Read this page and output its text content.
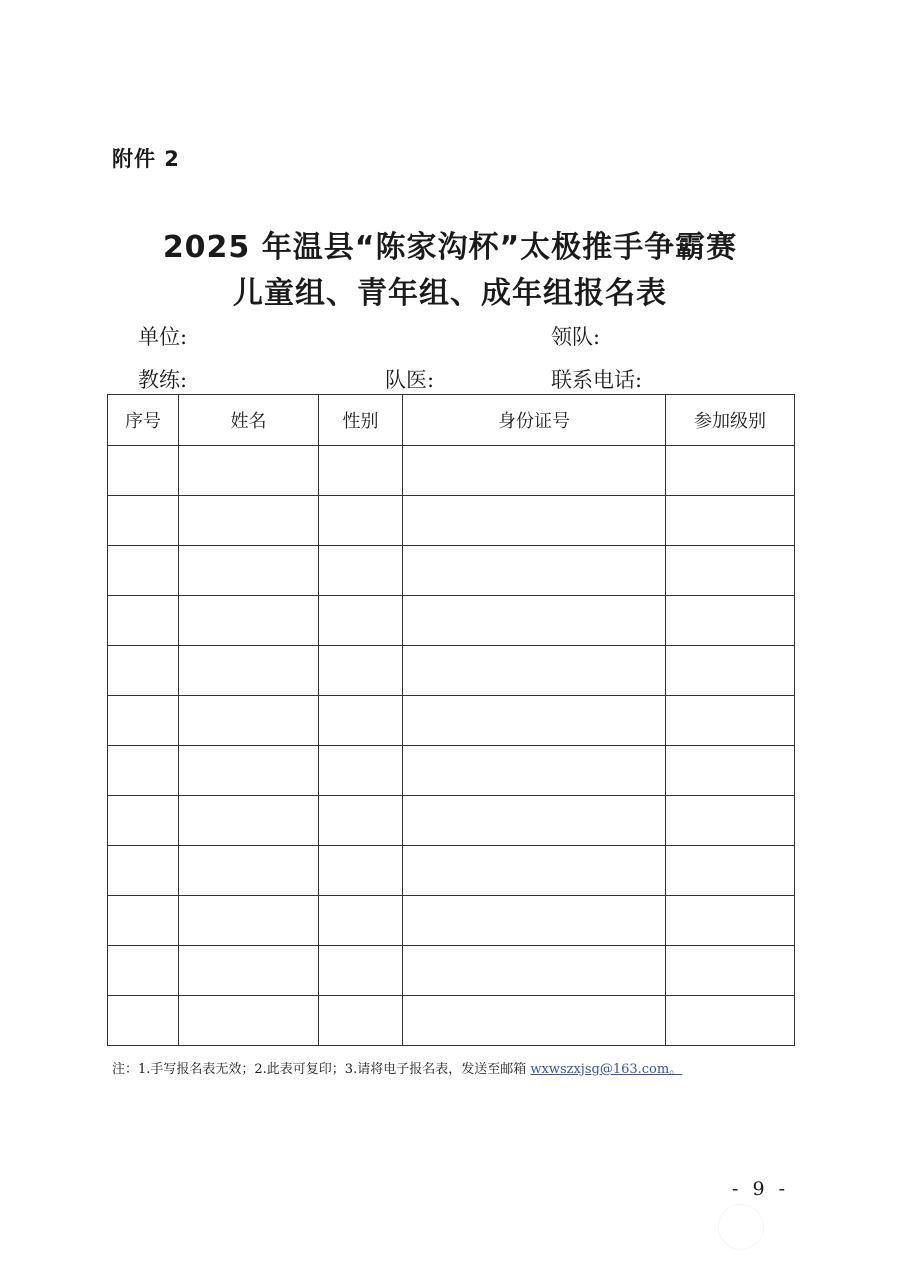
附件 2
2025 年温县“陈家沟杯”太极推手争霸赛
儿童组、青年组、成年组报名表
单位:	领队:
教练:	队医:	联系电话:
序号	姓名	性别	身份证号	参加级别

注：1.手写报名表无效；2.此表可复印；3.请将电子报名表，发送至邮箱 wxwszxjsg@163.com。
- 9 -
